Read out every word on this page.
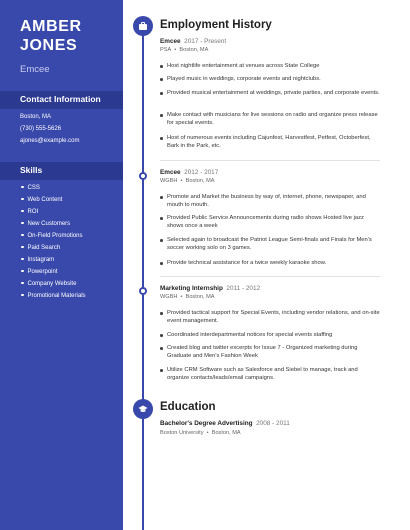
AMBER
JONES
Emcee
Contact Information
Boston, MA
(730) 555-5626
ajones@example.com
Skills
CSS
Web Content
ROI
New Customers
On-Field Promotions
Paid Search
Instagram
Powerpoint
Company Website
Promotional Materials
Employment History
Emcee 2017 - Present
PSA • Boston, MA
Host nightlife entertainment at venues across State College
Played music in weddings, corporate events and nightclubs.
Provided musical entertainment at weddings, private parties, and corporate events.
Make contact with musicians for live sessions on radio and organize press release for special events.
Host of numerous events including Cajunfest, Harvestfest, Petfest, Octoberfest, Bark in the Park, etc.
Emcee 2012 - 2017
WGBH • Boston, MA
Promote and Market the business by way of, internet, phone, newspaper, and mouth to mouth.
Provided Public Service Announcements during radio shows Hosted live jazz shows once a week
Selected again to broadcast the Patriot League Semi-finals and Finals for Men's soccer working solo on 3 games.
Provide technical assistance for a twice weekly karaoke show.
Marketing Internship 2011 - 2012
WGBH • Boston, MA
Provided tactical support for Special Events, including vendor relations, and on-site event management.
Coordinated interdepartmental notices for special events staffing
Created blog and twitter excerpts for Issue 7 - Organized marketing during Graduate and Men's Fashion Week
Utilize CRM Software such as Salesforce and Siebel to manage, track and organize contacts/leads/email campaigns.
Education
Bachelor's Degree Advertising 2008 - 2011
Boston University • Boston, MA
